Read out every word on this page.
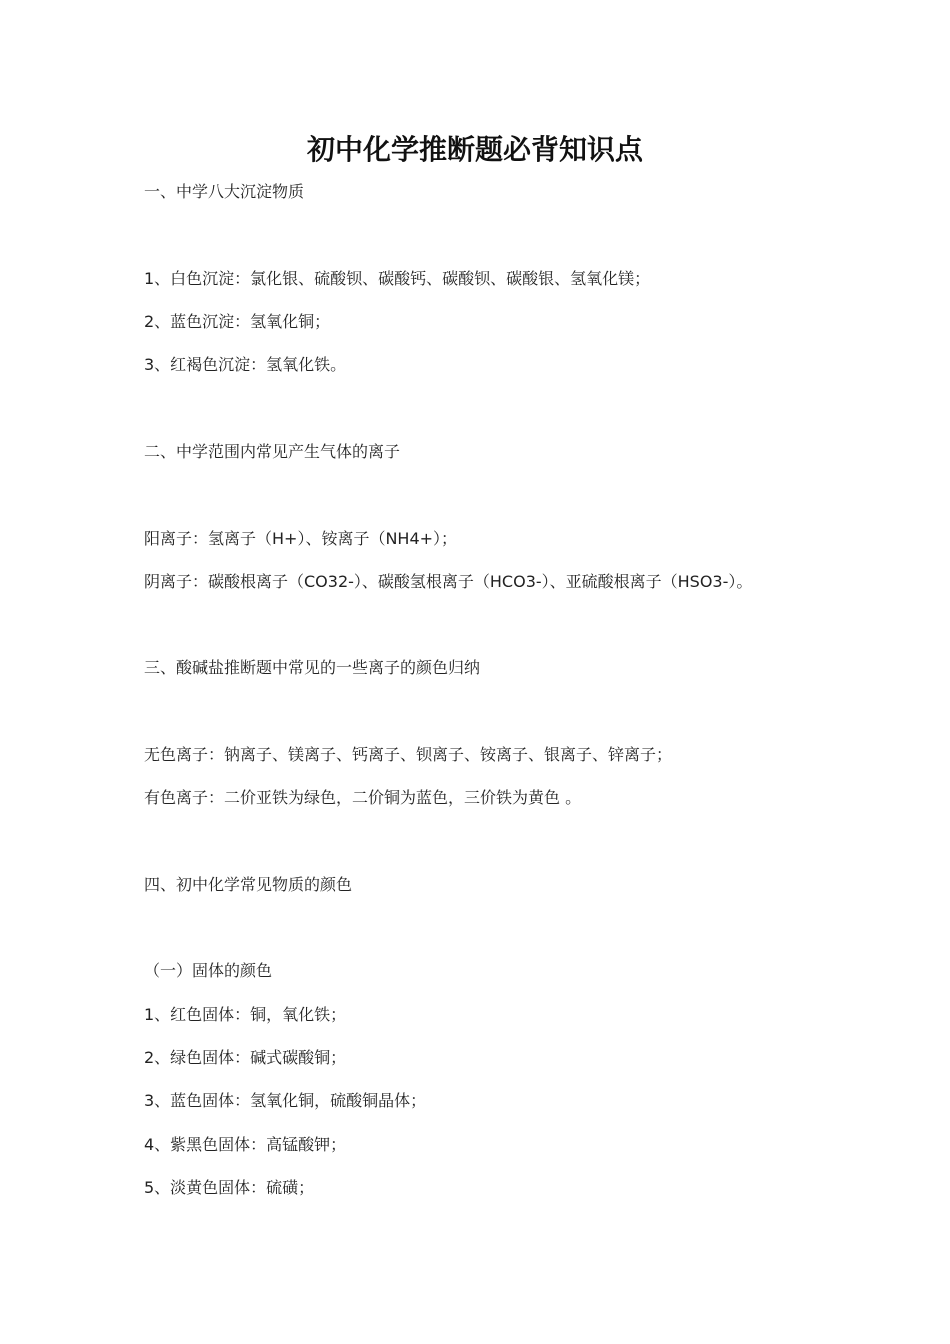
初中化学推断题必背知识点
一、中学八大沉淀物质
1、白色沉淀：氯化银、硫酸钡、碳酸钙、碳酸钡、碳酸银、氢氧化镁；
2、蓝色沉淀：氢氧化铜；
3、红褐色沉淀：氢氧化铁。
二、中学范围内常见产生气体的离子
阳离子：氢离子（H+）、铵离子（NH4+）；
阴离子：碳酸根离子（CO32-）、碳酸氢根离子（HCO3-）、亚硫酸根离子（HSO3-）。
三、酸碱盐推断题中常见的一些离子的颜色归纳
无色离子：钠离子、镁离子、钙离子、钡离子、铵离子、银离子、锌离子；
有色离子：二价亚铁为绿色，二价铜为蓝色，三价铁为黄色 。
四、初中化学常见物质的颜色
（一）固体的颜色
1、红色固体：铜，氧化铁；
2、绿色固体：碱式碳酸铜；
3、蓝色固体：氢氧化铜，硫酸铜晶体；
4、紫黑色固体：高锰酸钾；
5、淡黄色固体：硫磺；
